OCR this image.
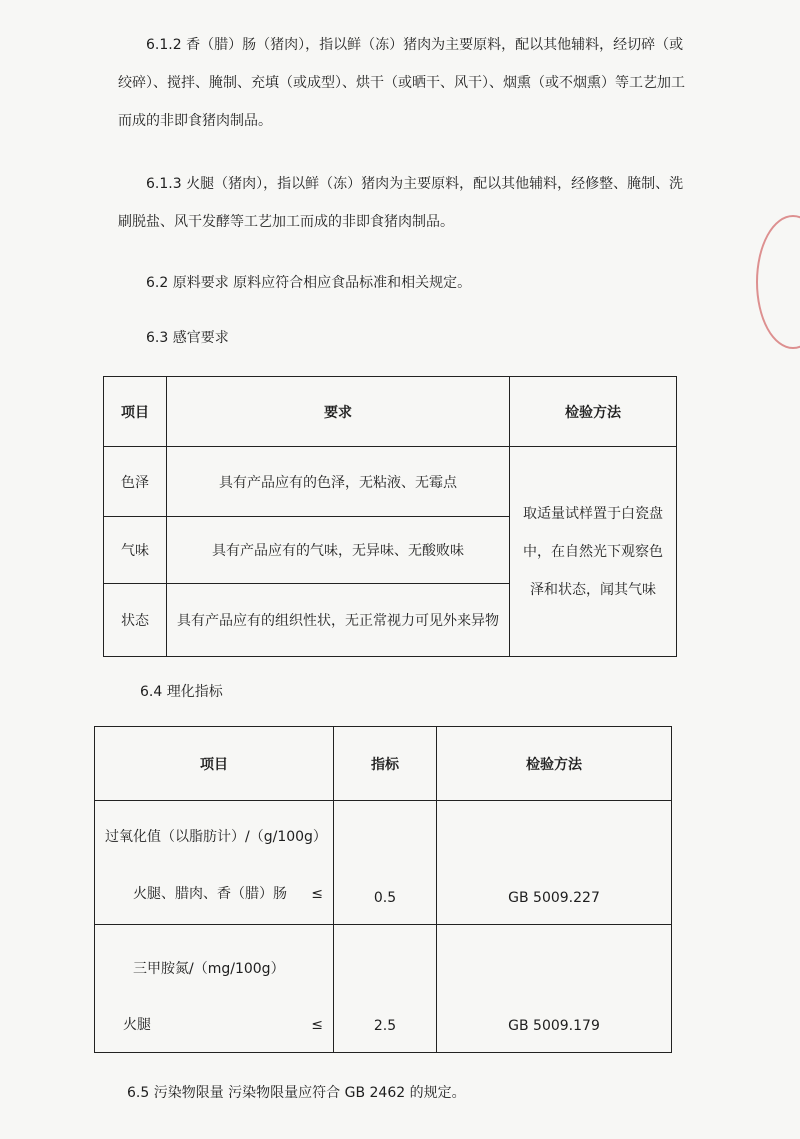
6.1.2 香（腊）肠（猪肉），指以鲜（冻）猪肉为主要原料，配以其他辅料，经切碎（或绞碎）、搅拌、腌制、充填（或成型）、烘干（或晒干、风干）、烟熏（或不烟熏）等工艺加工而成的非即食猪肉制品。

6.1.3 火腿（猪肉），指以鲜（冻）猪肉为主要原料，配以其他辅料，经修整、腌制、洗刷脱盐、风干发酵等工艺加工而成的非即食猪肉制品。

6.2 原料要求 原料应符合相应食品标准和相关规定。

6.3 感官要求

项目	要求	检验方法
色泽	具有产品应有的色泽，无粘液、无霉点	取适量试样置于白瓷盘中，在自然光下观察色泽和状态，闻其气味
气味	具有产品应有的气味，无异味、无酸败味	
状态	具有产品应有的组织性状，无正常视力可见外来异物	

6.4 理化指标

项目	指标	检验方法

过氧化值（以脂肪计）/（g/100g）
火腿、腊肉、香（腊）肠 ≤	0.5	GB 5009.227

三甲胺氮/（mg/100g）
火腿 ≤	2.5	GB 5009.179

6.5 污染物限量 污染物限量应符合 GB 2462 的规定。
